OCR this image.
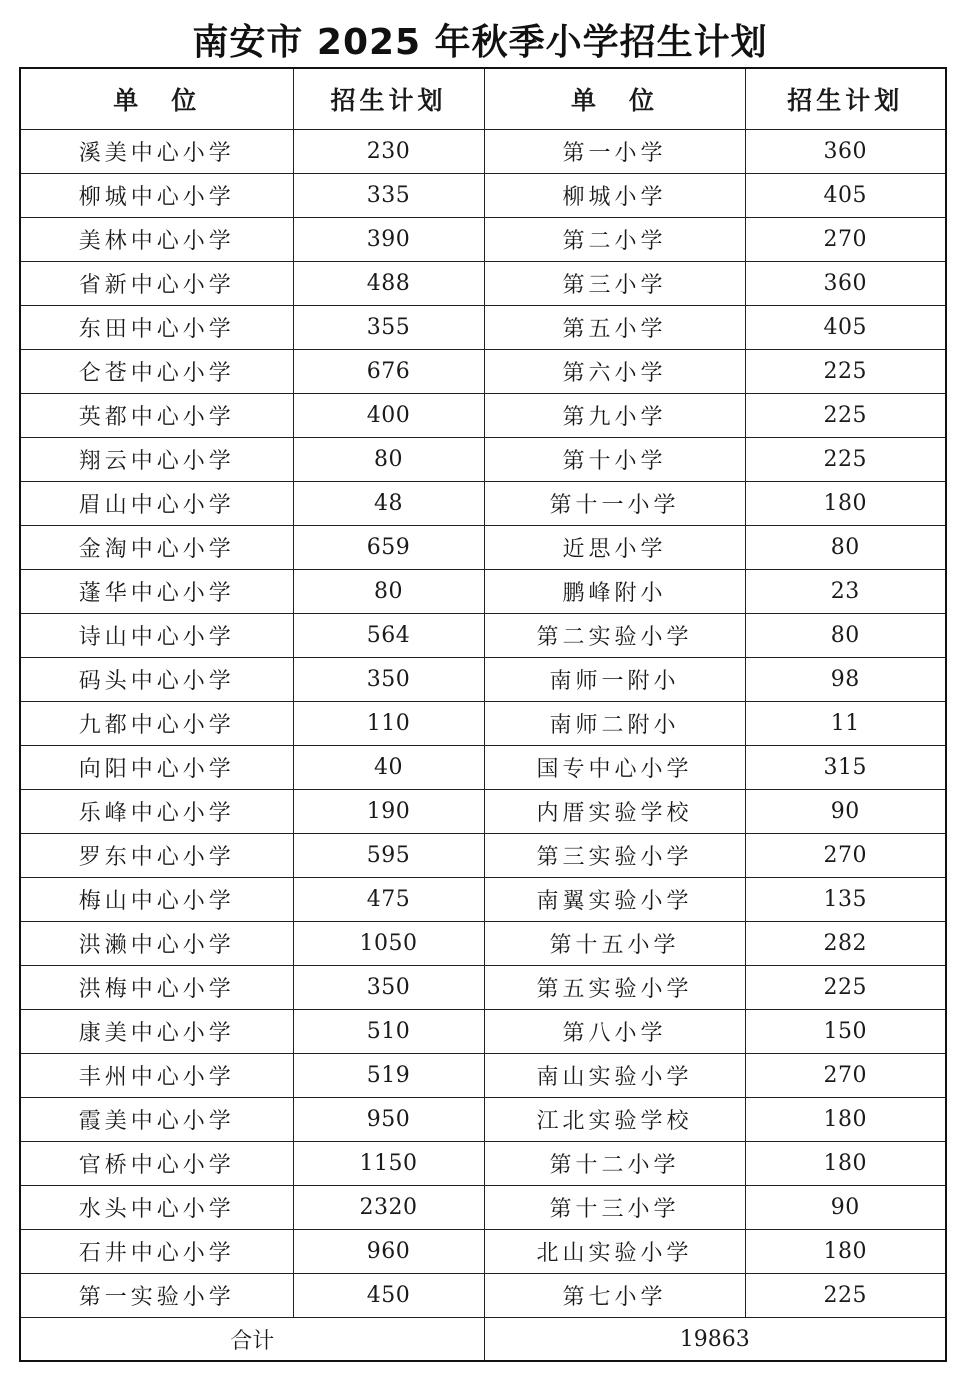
南安市 2025 年秋季小学招生计划
单　位	招生计划	单　位	招生计划
溪美中心小学	230	第一小学	360
柳城中心小学	335	柳城小学	405
美林中心小学	390	第二小学	270
省新中心小学	488	第三小学	360
东田中心小学	355	第五小学	405
仑苍中心小学	676	第六小学	225
英都中心小学	400	第九小学	225
翔云中心小学	80	第十小学	225
眉山中心小学	48	第十一小学	180
金淘中心小学	659	近思小学	80
蓬华中心小学	80	鹏峰附小	23
诗山中心小学	564	第二实验小学	80
码头中心小学	350	南师一附小	98
九都中心小学	110	南师二附小	11
向阳中心小学	40	国专中心小学	315
乐峰中心小学	190	内厝实验学校	90
罗东中心小学	595	第三实验小学	270
梅山中心小学	475	南翼实验小学	135
洪濑中心小学	1050	第十五小学	282
洪梅中心小学	350	第五实验小学	225
康美中心小学	510	第八小学	150
丰州中心小学	519	南山实验小学	270
霞美中心小学	950	江北实验学校	180
官桥中心小学	1150	第十二小学	180
水头中心小学	2320	第十三小学	90
石井中心小学	960	北山实验小学	180
第一实验小学	450	第七小学	225
合计		19863	
